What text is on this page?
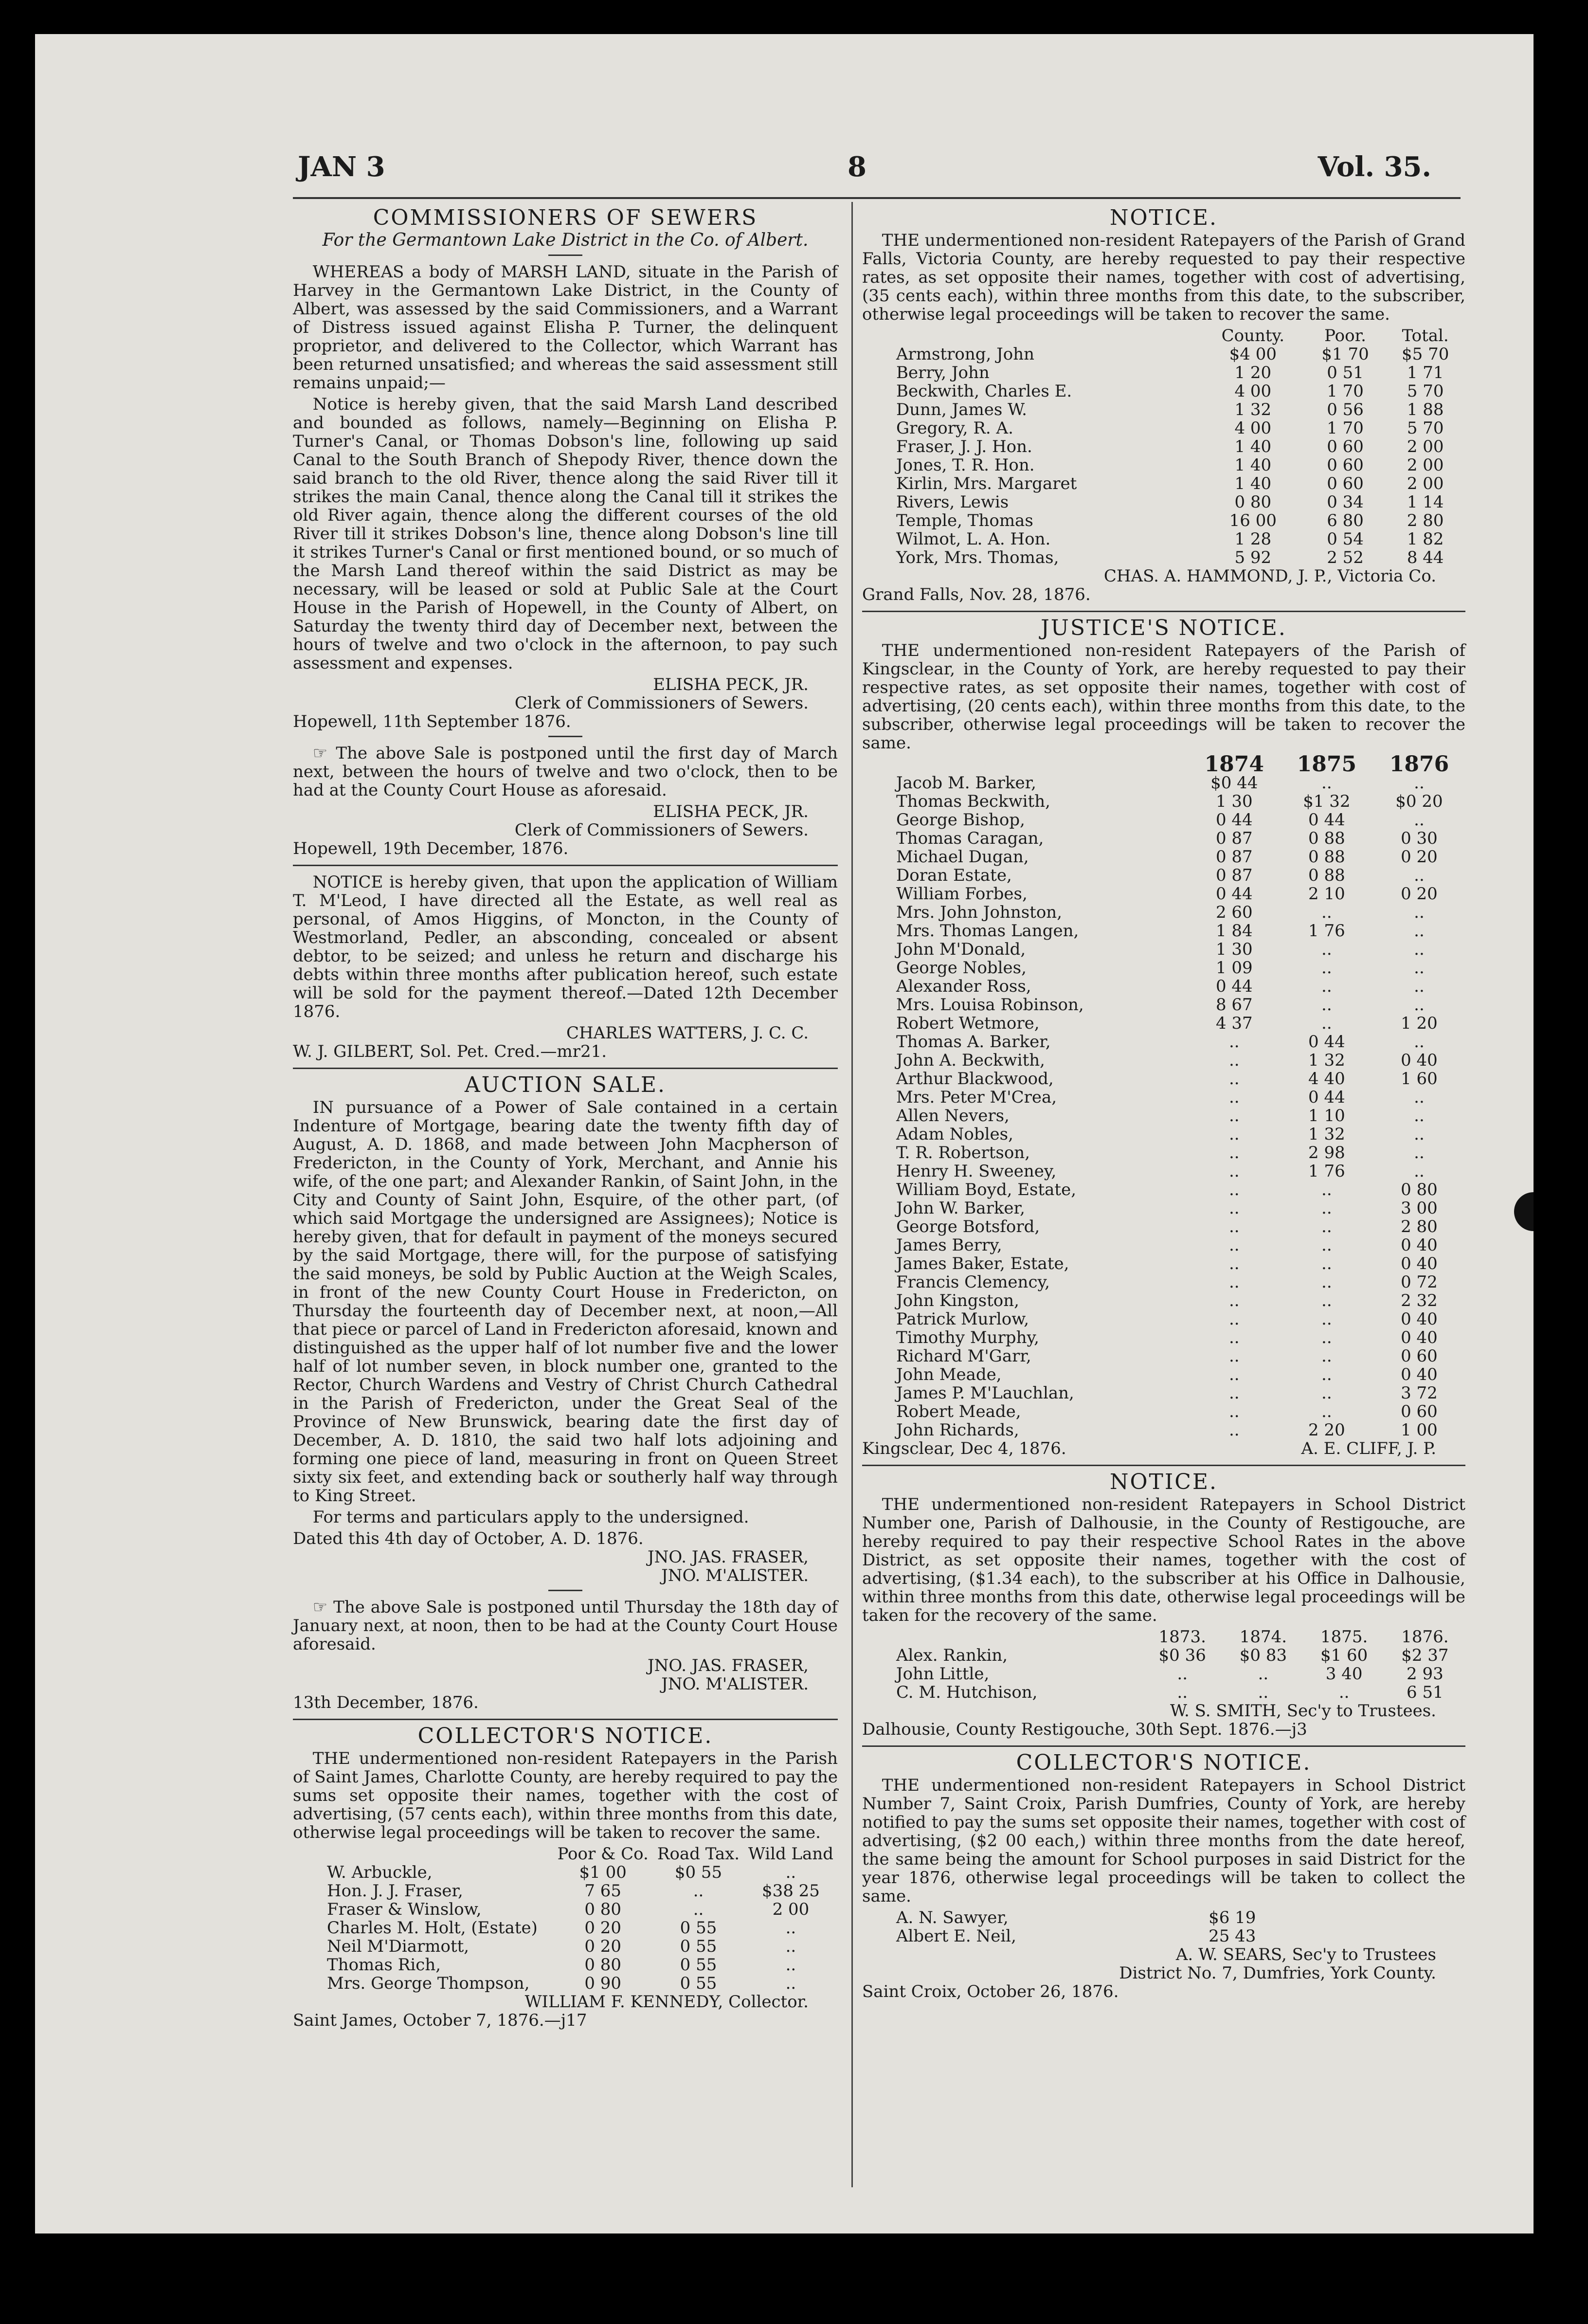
JAN 3	8	Vol. 35.
COMMISSIONERS OF SEWERS
For the Germantown Lake District in the Co. of Albert.

WHEREAS a body of MARSH LAND, situate in the Parish of Harvey in the Germantown Lake District, in the County of Albert, was assessed by the said Commissioners, and a Warrant of Distress issued against Elisha P. Turner, the delinquent proprietor, and delivered to the Collector, which Warrant has been returned unsatisfied; and whereas the said assessment still remains unpaid;—

Notice is hereby given, that the said Marsh Land described and bounded as follows, namely—Beginning on Elisha P. Turner's Canal, or Thomas Dobson's line, following up said Canal to the South Branch of Shepody River, thence down the said branch to the old River, thence along the said River till it strikes the main Canal, thence along the Canal till it strikes the old River again, thence along the different courses of the old River till it strikes Dobson's line, thence along Dobson's line till it strikes Turner's Canal or first mentioned bound, or so much of the Marsh Land thereof within the said District as may be necessary, will be leased or sold at Public Sale at the Court House in the Parish of Hopewell, in the County of Albert, on Saturday the twenty third day of December next, between the hours of twelve and two o'clock in the afternoon, to pay such assessment and expenses.

ELISHA PECK, JR.
Clerk of Commissioners of Sewers.
Hopewell, 11th September 1876.

☞ The above Sale is postponed until the first day of March next, between the hours of twelve and two o'clock, then to be had at the County Court House as aforesaid.

ELISHA PECK, JR.
Clerk of Commissioners of Sewers.
Hopewell, 19th December, 1876.

NOTICE is hereby given, that upon the application of William T. M'Leod, I have directed all the Estate, as well real as personal, of Amos Higgins, of Moncton, in the County of Westmorland, Pedler, an absconding, concealed or absent debtor, to be seized; and unless he return and discharge his debts within three months after publication hereof, such estate will be sold for the payment thereof.—Dated 12th December 1876.

CHARLES WATTERS, J. C. C.
W. J. GILBERT, Sol. Pet. Cred.—mr21.
AUCTION SALE.

IN pursuance of a Power of Sale contained in a certain Indenture of Mortgage, bearing date the twenty fifth day of August, A. D. 1868, and made between John Macpherson of Fredericton, in the County of York, Merchant, and Annie his wife, of the one part; and Alexander Rankin, of Saint John, in the City and County of Saint John, Esquire, of the other part, (of which said Mortgage the undersigned are Assignees); Notice is hereby given, that for default in payment of the moneys secured by the said Mortgage, there will, for the purpose of satisfying the said moneys, be sold by Public Auction at the Weigh Scales, in front of the new County Court House in Fredericton, on Thursday the fourteenth day of December next, at noon,—All that piece or parcel of Land in Fredericton aforesaid, known and distinguished as the upper half of lot number five and the lower half of lot number seven, in block number one, granted to the Rector, Church Wardens and Vestry of Christ Church Cathedral in the Parish of Fredericton, under the Great Seal of the Province of New Brunswick, bearing date the first day of December, A. D. 1810, the said two half lots adjoining and forming one piece of land, measuring in front on Queen Street sixty six feet, and extending back or southerly half way through to King Street.

For terms and particulars apply to the undersigned.

Dated this 4th day of October, A. D. 1876.
JNO. JAS. FRASER,
JNO. M'ALISTER.

☞ The above Sale is postponed until Thursday the 18th day of January next, at noon, then to be had at the County Court House aforesaid.

JNO. JAS. FRASER,
JNO. M'ALISTER.
13th December, 1876.
COLLECTOR'S NOTICE.

THE undermentioned non-resident Ratepayers in the Parish of Saint James, Charlotte County, are hereby required to pay the sums set opposite their names, together with the cost of advertising, (57 cents each), within three months from this date, otherwise legal proceedings will be taken to recover the same.

	Poor & Co.	Road Tax.	Wild Land
W. Arbuckle,	$1 00	$0 55	..
Hon. J. J. Fraser,	7 65	..	$38 25
Fraser & Winslow,	0 80	..	2 00
Charles M. Holt, (Estate)	0 20	0 55	..
Neil M'Diarmott,	0 20	0 55	..
Thomas Rich,	0 80	0 55	..
Mrs. George Thompson,	0 90	0 55	..
WILLIAM F. KENNEDY, Collector.
Saint James, October 7, 1876.—j17
NOTICE.

THE undermentioned non-resident Ratepayers of the Parish of Grand Falls, Victoria County, are hereby requested to pay their respective rates, as set opposite their names, together with cost of advertising, (35 cents each), within three months from this date, to the subscriber, otherwise legal proceedings will be taken to recover the same.

	County.	Poor.	Total.
Armstrong, John	$4 00	$1 70	$5 70
Berry, John	1 20	0 51	1 71
Beckwith, Charles E.	4 00	1 70	5 70
Dunn, James W.	1 32	0 56	1 88
Gregory, R. A.	4 00	1 70	5 70
Fraser, J. J. Hon.	1 40	0 60	2 00
Jones, T. R. Hon.	1 40	0 60	2 00
Kirlin, Mrs. Margaret	1 40	0 60	2 00
Rivers, Lewis	0 80	0 34	1 14
Temple, Thomas	16 00	6 80	2 80
Wilmot, L. A. Hon.	1 28	0 54	1 82
York, Mrs. Thomas,	5 92	2 52	8 44
CHAS. A. HAMMOND, J. P., Victoria Co.
Grand Falls, Nov. 28, 1876.
JUSTICE'S NOTICE.

THE undermentioned non-resident Ratepayers of the Parish of Kingsclear, in the County of York, are hereby requested to pay their respective rates, as set opposite their names, together with cost of advertising, (20 cents each), within three months from this date, to the subscriber, otherwise legal proceedings will be taken to recover the same.

	1874	1875	1876
Jacob M. Barker,	$0 44	..	..
Thomas Beckwith,	1 30	$1 32	$0 20
George Bishop,	0 44	0 44	..
Thomas Caragan,	0 87	0 88	0 30
Michael Dugan,	0 87	0 88	0 20
Doran Estate,	0 87	0 88	..
William Forbes,	0 44	2 10	0 20
Mrs. John Johnston,	2 60	..	..
Mrs. Thomas Langen,	1 84	1 76	..
John M'Donald,	1 30	..	..
George Nobles,	1 09	..	..
Alexander Ross,	0 44	..	..
Mrs. Louisa Robinson,	8 67	..	..
Robert Wetmore,	4 37	..	1 20
Thomas A. Barker,	..	0 44	..
John A. Beckwith,	..	1 32	0 40
Arthur Blackwood,	..	4 40	1 60
Mrs. Peter M'Crea,	..	0 44	..
Allen Nevers,	..	1 10	..
Adam Nobles,	..	1 32	..
T. R. Robertson,	..	2 98	..
Henry H. Sweeney,	..	1 76	..
William Boyd, Estate,	..	..	0 80
John W. Barker,	..	..	3 00
George Botsford,	..	..	2 80
James Berry,	..	..	0 40
James Baker, Estate,	..	..	0 40
Francis Clemency,	..	..	0 72
John Kingston,	..	..	2 32
Patrick Murlow,	..	..	0 40
Timothy Murphy,	..	..	0 40
Richard M'Garr,	..	..	0 60
John Meade,	..	..	0 40
James P. M'Lauchlan,	..	..	3 72
Robert Meade,	..	..	0 60
John Richards,	..	2 20	1 00
Kingsclear, Dec 4, 1876.	A. E. CLIFF, J. P.
NOTICE.

THE undermentioned non-resident Ratepayers in School District Number one, Parish of Dalhousie, in the County of Restigouche, are hereby required to pay their respective School Rates in the above District, as set opposite their names, together with the cost of advertising, ($1.34 each), to the subscriber at his Office in Dalhousie, within three months from this date, otherwise legal proceedings will be taken for the recovery of the same.

	1873.	1874.	1875.	1876.
Alex. Rankin,	$0 36	$0 83	$1 60	$2 37
John Little,	..	..	3 40	2 93
C. M. Hutchison,	..	..	..	6 51
W. S. SMITH, Sec'y to Trustees.
Dalhousie, County Restigouche, 30th Sept. 1876.—j3
COLLECTOR'S NOTICE.

THE undermentioned non-resident Ratepayers in School District Number 7, Saint Croix, Parish Dumfries, County of York, are hereby notified to pay the sums set opposite their names, together with cost of advertising, ($2 00 each,) within three months from the date hereof, the same being the amount for School purposes in said District for the year 1876, otherwise legal proceedings will be taken to collect the same.

A. N. Sawyer,	$6 19
Albert E. Neil,	25 43
A. W. SEARS, Sec'y to Trustees
District No. 7, Dumfries, York County.
Saint Croix, October 26, 1876.
